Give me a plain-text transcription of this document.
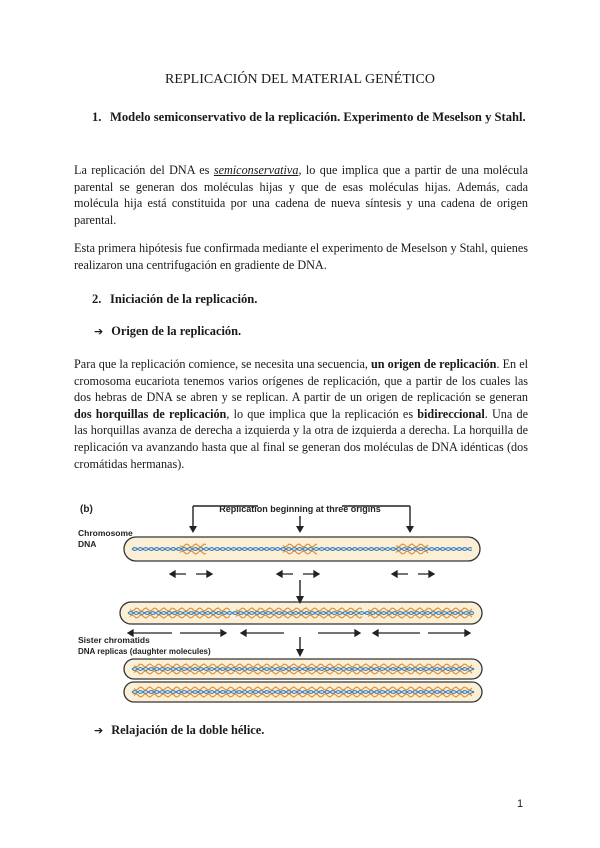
REPLICACIÓN DEL MATERIAL GENÉTICO
1. Modelo semiconservativo de la replicación. Experimento de Meselson y Stahl.

La replicación del DNA es semiconservativa, lo que implica que a partir de una molécula parental se generan dos moléculas hijas y que de esas moléculas hijas. Además, cada molécula hija está constituida por una cadena de nueva síntesis y una cadena de origen parental.

Esta primera hipótesis fue confirmada mediante el experimento de Meselson y Stahl, quienes realizaron una centrifugación en gradiente de DNA.

2. Iniciación de la replicación.
➔ Origen de la replicación.

Para que la replicación comience, se necesita una secuencia, un origen de replicación. En el cromosoma eucariota tenemos varios orígenes de replicación, que a partir de los cuales las dos hebras de DNA se abren y se replican. A partir de un origen de replicación se generan dos horquillas de replicación, lo que implica que la replicación es bidireccional. Una de las horquillas avanza de derecha a izquierda y la otra de izquierda a derecha. La horquilla de replicación va avanzando hasta que al final se generan dos moléculas de DNA idénticas (dos cromátidas hermanas).

(b)	Replication beginning at three origins
Chromosome
DNA
Sister chromatids
DNA replicas (daughter molecules)
➔ Relajación de la doble hélice.
1
